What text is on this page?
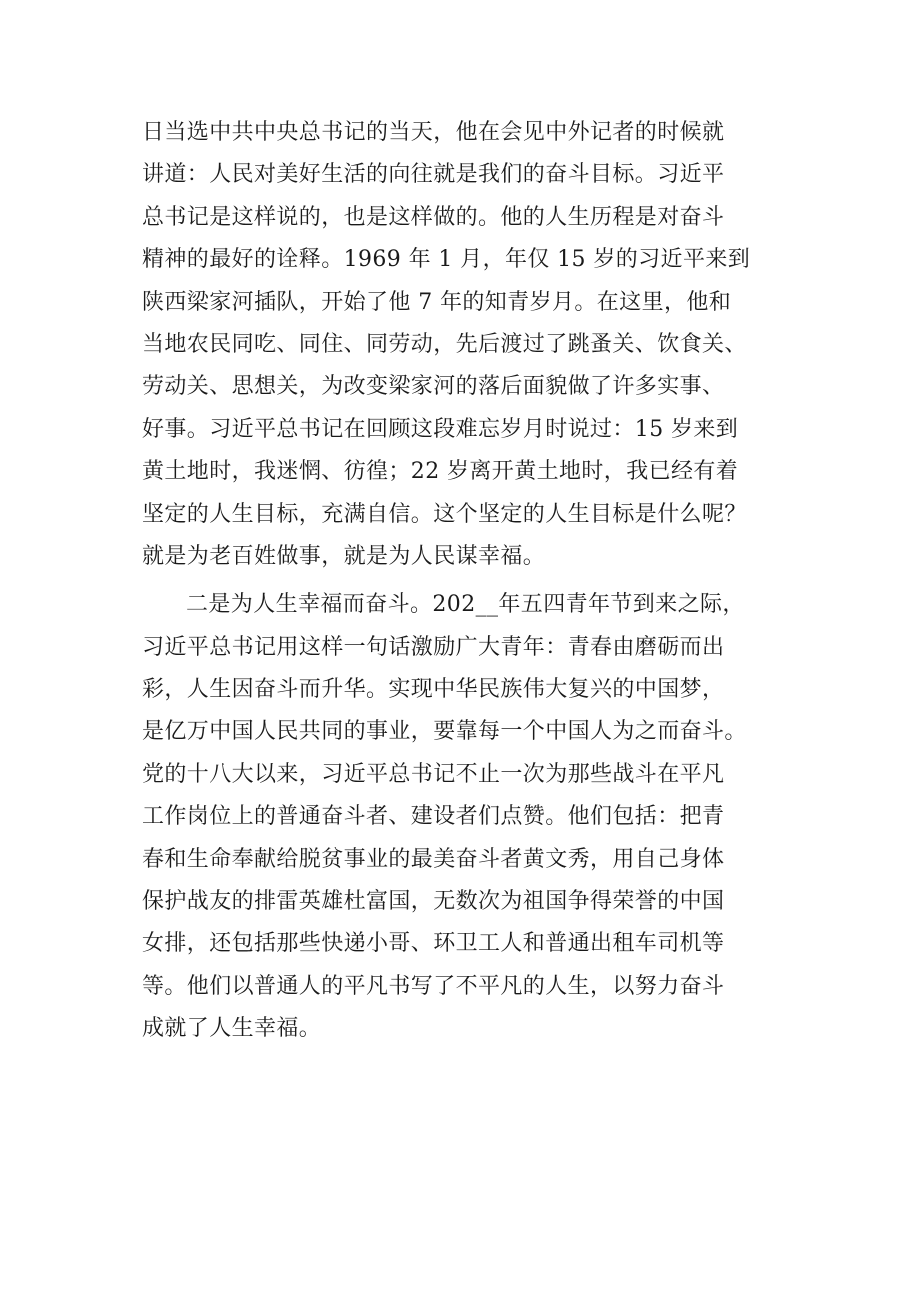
日当选中共中央总书记的当天，他在会见中外记者的时候就
讲道：人民对美好生活的向往就是我们的奋斗目标。习近平
总书记是这样说的，也是这样做的。他的人生历程是对奋斗
精神的最好的诠释。1969 年 1 月，年仅 15 岁的习近平来到
陕西梁家河插队，开始了他 7 年的知青岁月。在这里，他和
当地农民同吃、同住、同劳动，先后渡过了跳蚤关、饮食关、
劳动关、思想关，为改变梁家河的落后面貌做了许多实事、
好事。习近平总书记在回顾这段难忘岁月时说过：15 岁来到
黄土地时，我迷惘、彷徨；22 岁离开黄土地时，我已经有着
坚定的人生目标，充满自信。这个坚定的人生目标是什么呢？
就是为老百姓做事，就是为人民谋幸福。
二是为人生幸福而奋斗。202__年五四青年节到来之际，
习近平总书记用这样一句话激励广大青年：青春由磨砺而出
彩，人生因奋斗而升华。实现中华民族伟大复兴的中国梦，
是亿万中国人民共同的事业，要靠每一个中国人为之而奋斗。
党的十八大以来，习近平总书记不止一次为那些战斗在平凡
工作岗位上的普通奋斗者、建设者们点赞。他们包括：把青
春和生命奉献给脱贫事业的最美奋斗者黄文秀，用自己身体
保护战友的排雷英雄杜富国，无数次为祖国争得荣誉的中国
女排，还包括那些快递小哥、环卫工人和普通出租车司机等
等。他们以普通人的平凡书写了不平凡的人生，以努力奋斗
成就了人生幸福。
